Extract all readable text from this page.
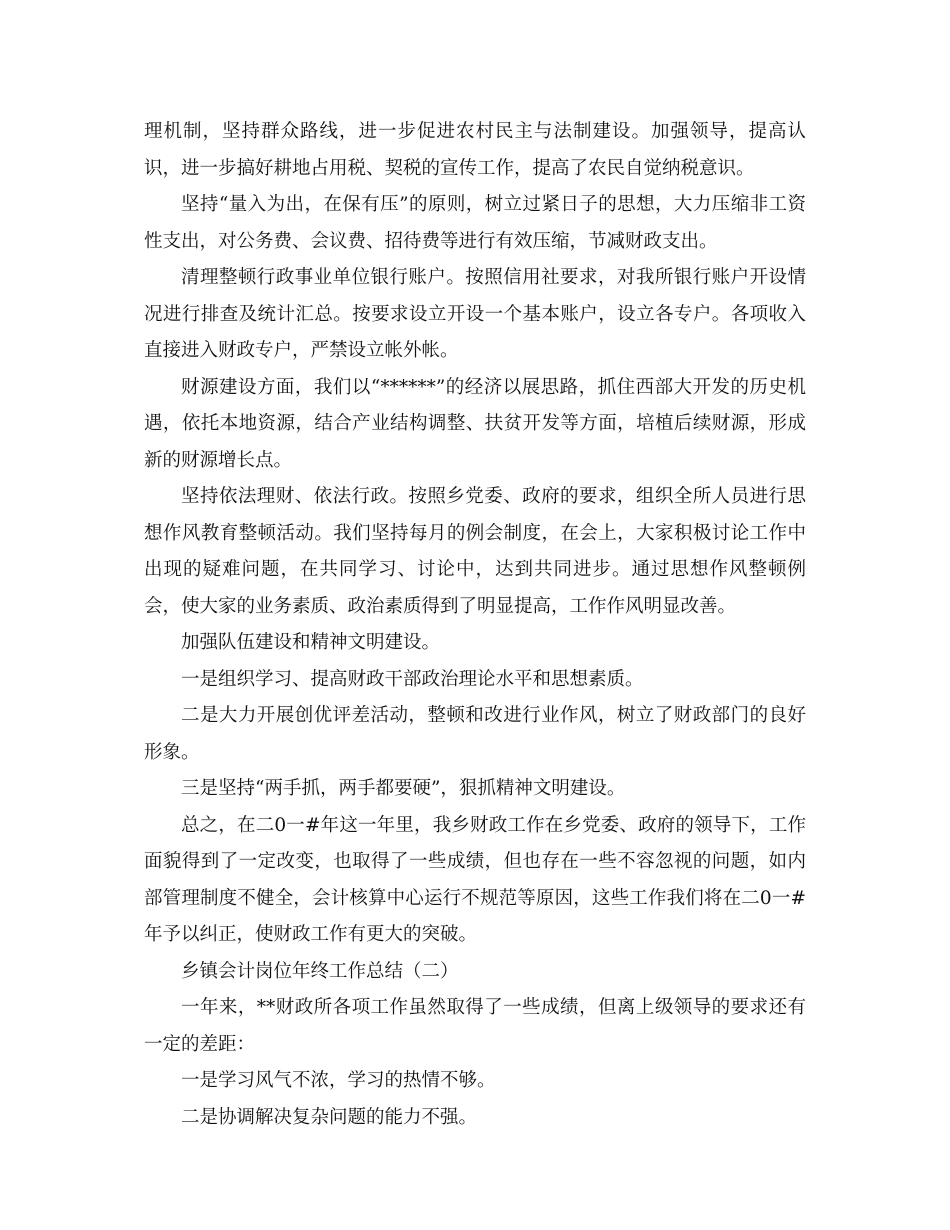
理机制，坚持群众路线，进一步促进农村民主与法制建设。加强领导，提高认识，进一步搞好耕地占用税、契税的宣传工作，提高了农民自觉纳税意识。

坚持“量入为出，在保有压”的原则，树立过紧日子的思想，大力压缩非工资性支出，对公务费、会议费、招待费等进行有效压缩，节减财政支出。

清理整顿行政事业单位银行账户。按照信用社要求，对我所银行账户开设情况进行排查及统计汇总。按要求设立开设一个基本账户，设立各专户。各项收入直接进入财政专户，严禁设立帐外帐。

财源建设方面，我们以“******”的经济以展思路，抓住西部大开发的历史机遇，依托本地资源，结合产业结构调整、扶贫开发等方面，培植后续财源，形成新的财源增长点。

坚持依法理财、依法行政。按照乡党委、政府的要求，组织全所人员进行思想作风教育整顿活动。我们坚持每月的例会制度，在会上，大家积极讨论工作中出现的疑难问题，在共同学习、讨论中，达到共同进步。通过思想作风整顿例会，使大家的业务素质、政治素质得到了明显提高，工作作风明显改善。

加强队伍建设和精神文明建设。

一是组织学习、提高财政干部政治理论水平和思想素质。

二是大力开展创优评差活动，整顿和改进行业作风，树立了财政部门的良好形象。

三是坚持“两手抓，两手都要硬”，狠抓精神文明建设。

总之，在二0一#年这一年里，我乡财政工作在乡党委、政府的领导下，工作面貌得到了一定改变，也取得了一些成绩，但也存在一些不容忽视的问题，如内部管理制度不健全，会计核算中心运行不规范等原因，这些工作我们将在二0一#年予以纠正，使财政工作有更大的突破。

乡镇会计岗位年终工作总结（二）

一年来，**财政所各项工作虽然取得了一些成绩，但离上级领导的要求还有一定的差距：

一是学习风气不浓，学习的热情不够。

二是协调解决复杂问题的能力不强。
